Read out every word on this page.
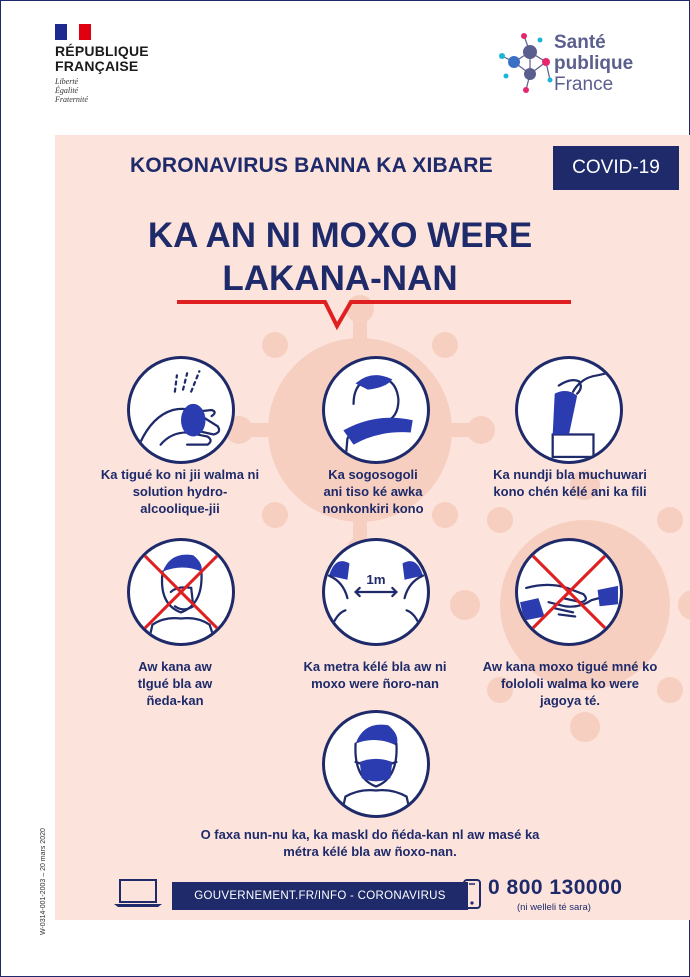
RÉPUBLIQUE
FRANÇAISE
Liberté
Égalité
Fraternité
Santé
publique
France
KORONAVIRUS BANNA KA XIBARE	COVID-19
KA AN NI MOXO WERE
LAKANA-NAN
Ka tigué ko ni jii walma ni
solution hydro-
alcoolique-jii
Ka sogosogoli
ani tiso ké awka
nonkonkiri kono
Ka nundji bla muchuwari
kono chén kélé ani ka fili
Aw kana aw
tlgué bla aw
ñeda-kan
1m
Ka metra kélé bla aw ni
moxo were ñoro-nan
Aw kana moxo tigué mné ko
folololi walma ko were
jagoya té.
O faxa nun-nu ka, ka maskl do ñéda-kan nl aw masé ka
métra kélé bla aw ñoxo-nan.
GOUVERNEMENT.FR/INFO - CORONAVIRUS	0 800 130000
(ni welleli té sara)
W-0314-001-2003 – 20 mars 2020
